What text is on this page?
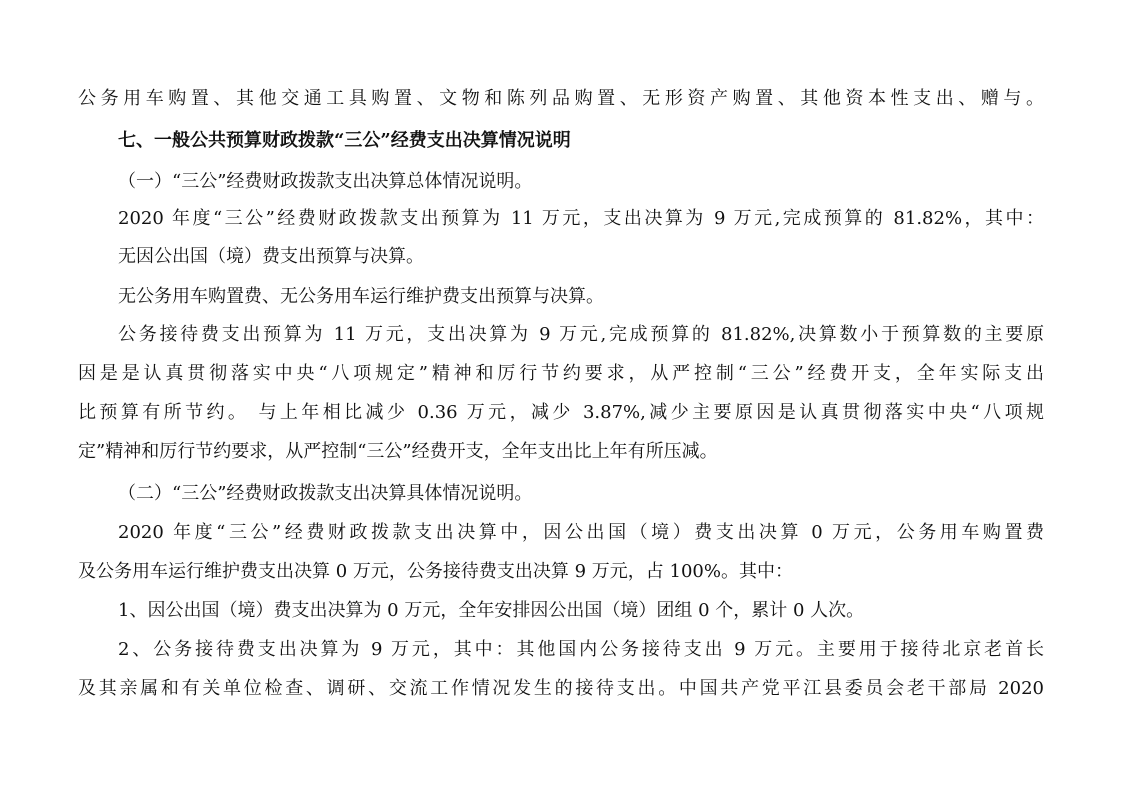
公务用车购置、其他交通工具购置、文物和陈列品购置、无形资产购置、其他资本性支出、赠与。
七、一般公共预算财政拨款“三公”经费支出决算情况说明
（一）“三公”经费财政拨款支出决算总体情况说明。
2020 年度“三公”经费财政拨款支出预算为 11 万元，支出决算为 9 万元,完成预算的 81.82%，其中：
无因公出国（境）费支出预算与决算。
无公务用车购置费、无公务用车运行维护费支出预算与决算。
公务接待费支出预算为 11 万元，支出决算为 9 万元,完成预算的 81.82%,决算数小于预算数的主要原
因是是认真贯彻落实中央“八项规定”精神和厉行节约要求，从严控制“三公”经费开支，全年实际支出
比预算有所节约。 与上年相比减少 0.36 万元，减少 3.87%,减少主要原因是认真贯彻落实中央“八项规
定”精神和厉行节约要求，从严控制“三公”经费开支，全年支出比上年有所压减。
（二）“三公”经费财政拨款支出决算具体情况说明。
2020 年度“三公”经费财政拨款支出决算中，因公出国（境）费支出决算 0 万元，公务用车购置费
及公务用车运行维护费支出决算 0 万元，公务接待费支出决算 9 万元，占 100%。其中：
1、因公出国（境）费支出决算为 0 万元，全年安排因公出国（境）团组 0 个，累计 0 人次。
2、公务接待费支出决算为 9 万元，其中：其他国内公务接待支出 9 万元。主要用于接待北京老首长
及其亲属和有关单位检查、调研、交流工作情况发生的接待支出。中国共产党平江县委员会老干部局 2020
